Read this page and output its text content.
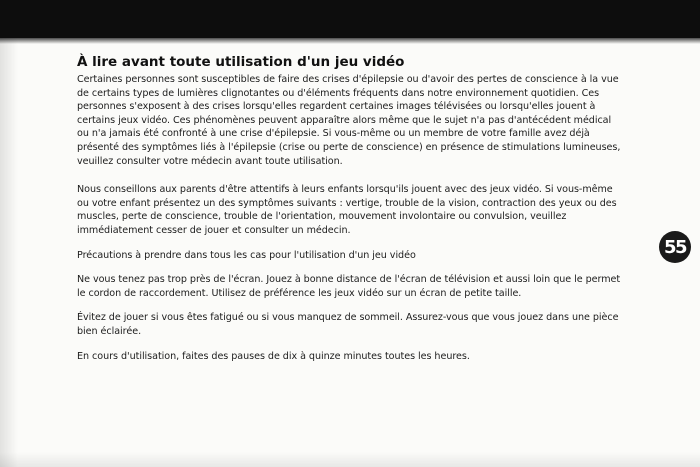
À lire avant toute utilisation d'un jeu vidéo

Certaines personnes sont susceptibles de faire des crises d'épilepsie ou d'avoir des pertes de conscience à la vue de certains types de lumières clignotantes ou d'éléments fréquents dans notre environnement quotidien. Ces personnes s'exposent à des crises lorsqu'elles regardent certaines images télévisées ou lorsqu'elles jouent à certains jeux vidéo. Ces phénomènes peuvent apparaître alors même que le sujet n'a pas d'antécédent médical ou n'a jamais été confronté à une crise d'épilepsie. Si vous-même ou un membre de votre famille avez déjà présenté des symptômes liés à l'épilepsie (crise ou perte de conscience) en présence de stimulations lumineuses, veuillez consulter votre médecin avant toute utilisation.

Nous conseillons aux parents d'être attentifs à leurs enfants lorsqu'ils jouent avec des jeux vidéo. Si vous-même ou votre enfant présentez un des symptômes suivants : vertige, trouble de la vision, contraction des yeux ou des muscles, perte de conscience, trouble de l'orientation, mouvement involontaire ou convulsion, veuillez immédiatement cesser de jouer et consulter un médecin.

Précautions à prendre dans tous les cas pour l'utilisation d'un jeu vidéo

Ne vous tenez pas trop près de l'écran. Jouez à bonne distance de l'écran de télévision et aussi loin que le permet le cordon de raccordement. Utilisez de préférence les jeux vidéo sur un écran de petite taille.

Évitez de jouer si vous êtes fatigué ou si vous manquez de sommeil. Assurez-vous que vous jouez dans une pièce bien éclairée.

En cours d'utilisation, faites des pauses de dix à quinze minutes toutes les heures.

55
